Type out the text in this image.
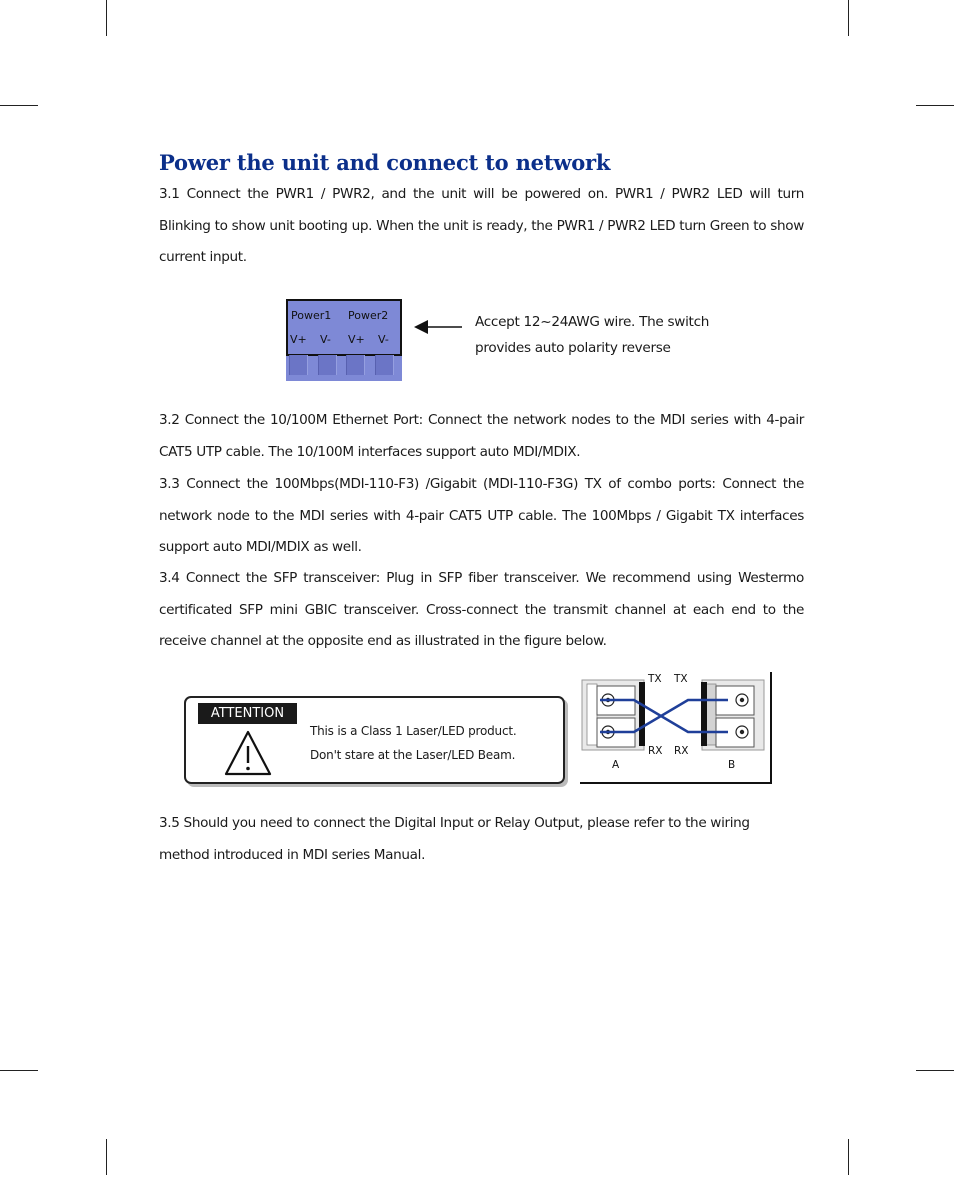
Power the unit and connect to network

3.1 Connect the PWR1 / PWR2, and the unit will be powered on. PWR1 / PWR2 LED will turn Blinking to show unit booting up. When the unit is ready, the PWR1 / PWR2 LED turn Green to show current input.

Power1 Power2
V+ V- V+ V-

Accept 12~24AWG wire. The switch
provides auto polarity reverse

3.2 Connect the 10/100M Ethernet Port: Connect the network nodes to the MDI series with 4-pair CAT5 UTP cable. The 10/100M interfaces support auto MDI/MDIX.

3.3 Connect the 100Mbps(MDI-110-F3) /Gigabit (MDI-110-F3G) TX of combo ports: Connect the network node to the MDI series with 4-pair CAT5 UTP cable. The 100Mbps / Gigabit TX interfaces support auto MDI/MDIX as well.

3.4 Connect the SFP transceiver: Plug in SFP fiber transceiver. We recommend using Westermo certificated SFP mini GBIC transceiver. Cross-connect the transmit channel at each end to the receive channel at the opposite end as illustrated in the figure below.

ATTENTION

This is a Class 1 Laser/LED product.
Don't stare at the Laser/LED Beam.

TX TX
RX RX
A	B

3.5 Should you need to connect the Digital Input or Relay Output, please refer to the wiring method introduced in MDI series Manual.
